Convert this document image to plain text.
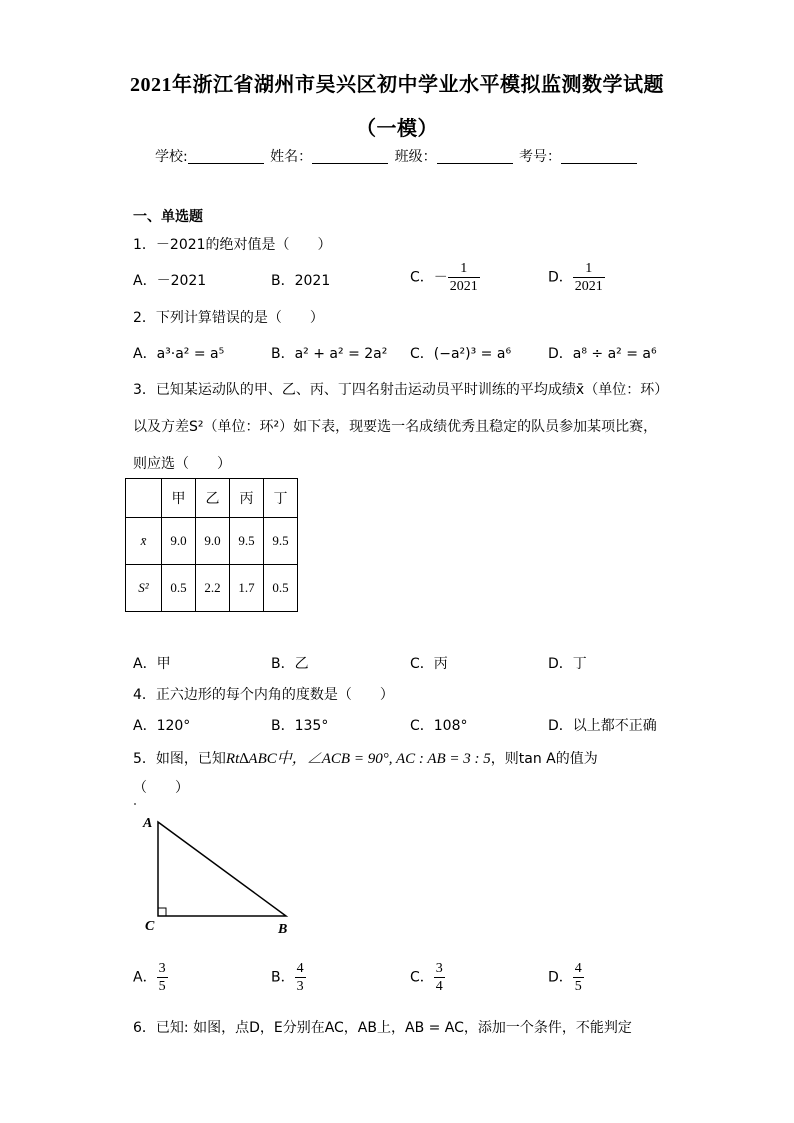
2021年浙江省湖州市吴兴区初中学业水平模拟监测数学试题
（一模）
学校:	姓名：	班级：	考号：
一、单选题
1．－2021的绝对值是（　　）
A．－2021	B．2021	C．－ $\frac{1}{2021}$	D． $\frac{1}{2021}$
2．下列计算错误的是（　　）
A．a³·a² = a⁵	B．a² + a² = 2a² C．(−a²)³ = a⁶	D．a⁸ ÷ a² = a⁶
3．已知某运动队的甲、乙、丙、丁四名射击运动员平时训练的平均成绩x̄（单位：环）
以及方差S²（单位：环²）如下表，现要选一名成绩优秀且稳定的队员参加某项比赛，
则应选（　　）
	甲	乙	丙	丁
x̄	9.0	9.0	9.5	9.5
S²	0.5	2.2	1.7	0.5
A．甲	B．乙	C．丙	D．丁
4．正六边形的每个内角的度数是（　　）
A．120°	B．135°	C．108°	D．以上都不正确
5．如图，已知Rt∆ABC中，∠ACB = 90°, AC : AB = 3 : 5，则tan A的值为
（　　）
A
C	B
A． $\frac{3}{5}$	B． $\frac{4}{3}$	C． $\frac{3}{4}$	D． $\frac{4}{5}$
6．已知: 如图，点D，E分别在AC，AB上，AB = AC，添加一个条件，不能判定
